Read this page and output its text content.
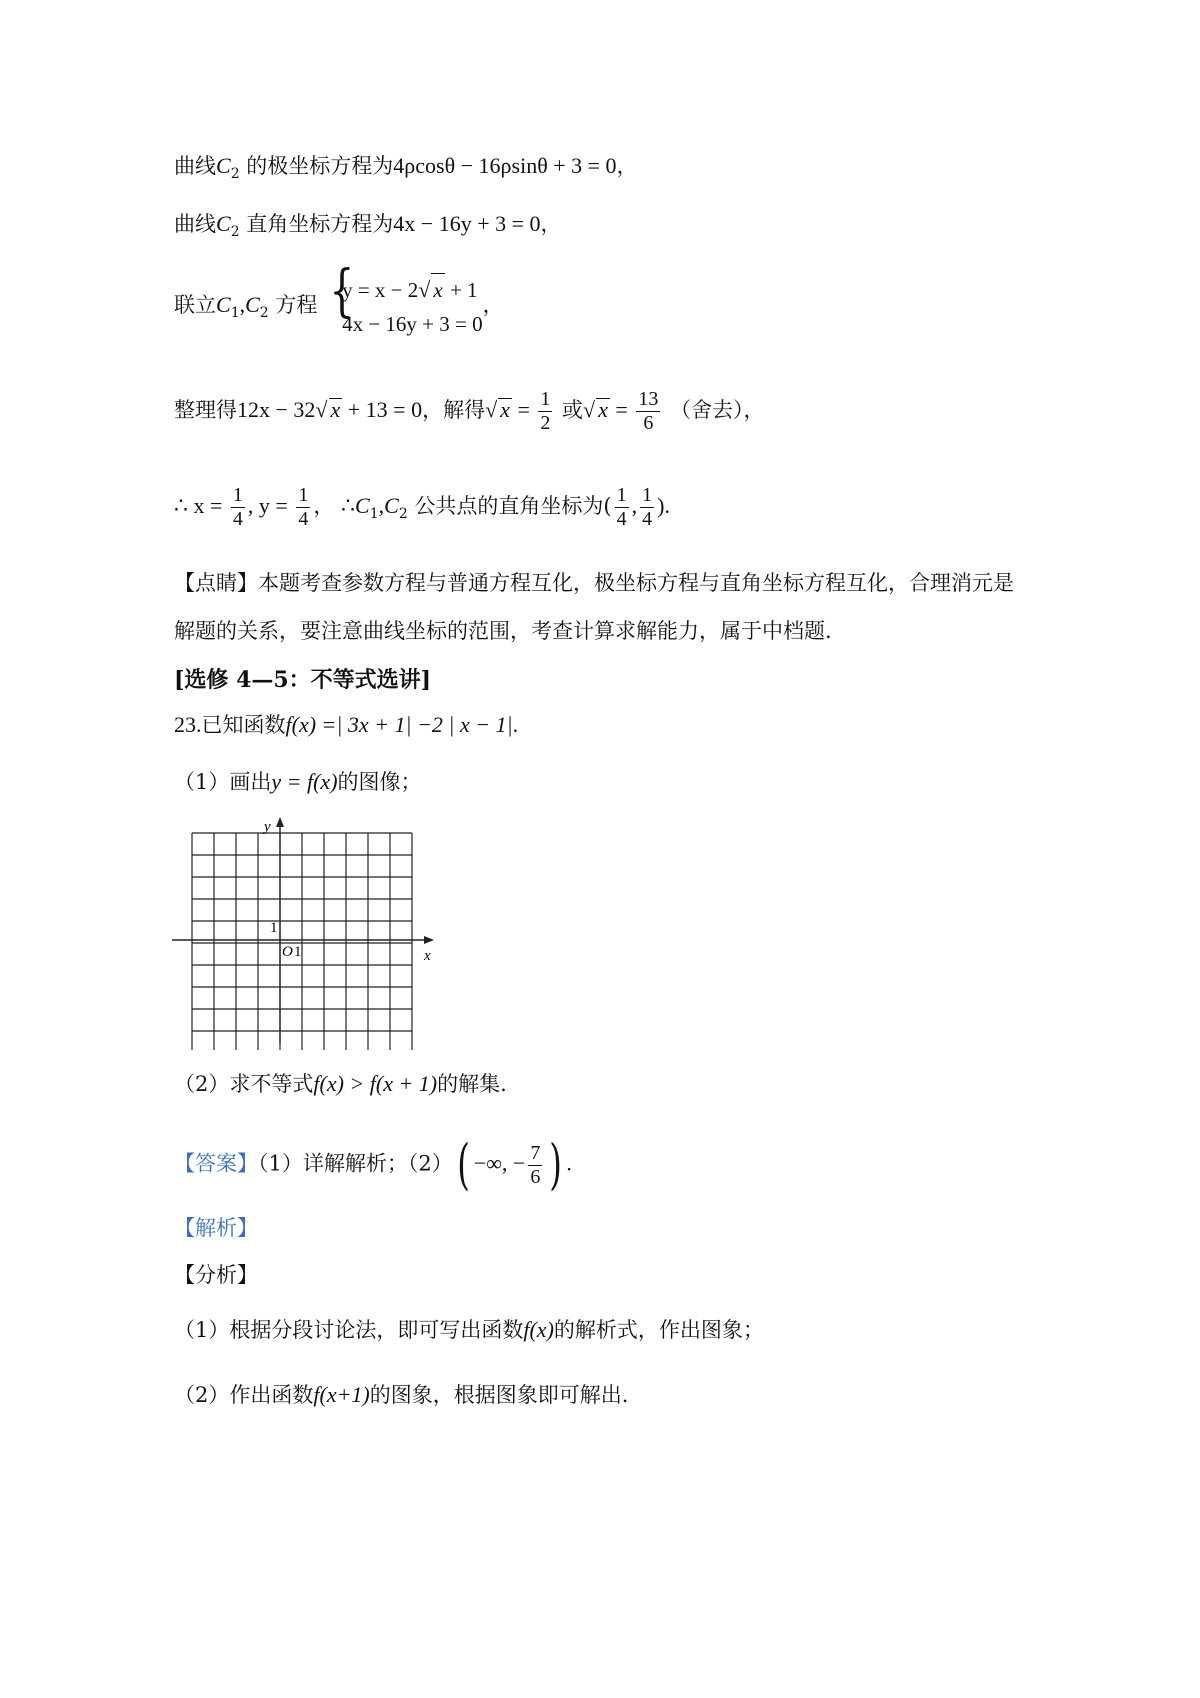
曲线$C_2$ 的极坐标方程为4ρcosθ − 16ρsinθ + 3 = 0，
曲线$C_2$ 直角坐标方程为4x − 16y + 3 = 0，
联立$C_1,C_2$ 方程 {
y = x − 2√ x + 1
4x − 16y + 3 = 0
，
整理得12x − 32√ x + 13 = 0，解得√ $x = \frac{1}{2}$ 或√ $x = \frac{13}{6}$ （舍去），
∴ $x = \frac{1}{4}$ , $y = \frac{1}{4}$ ， $\therefore C_1,C_2$ 公共点的直角坐标为( $\frac{1}{4}$ , $\frac{1}{4}$ ).
【点睛】本题考查参数方程与普通方程互化，极坐标方程与直角坐标方程互化，合理消元是
解题的关系，要注意曲线坐标的范围，考查计算求解能力，属于中档题.
[选修 4—5：不等式选讲]
23.已知函数f(x) =| 3x + 1| −2 | x − 1|.
（1）画出y = f(x)的图像；
y
x
O 1
1
（2）求不等式f(x) > f(x + 1)的解集.
【答案】（1）详解解析；（2）( −∞, − $\frac{7}{6}$ ) .
【解析】
【分析】
（1）根据分段讨论法，即可写出函数f(x)的解析式，作出图象；
（2）作出函数f(x+1)的图象，根据图象即可解出.
